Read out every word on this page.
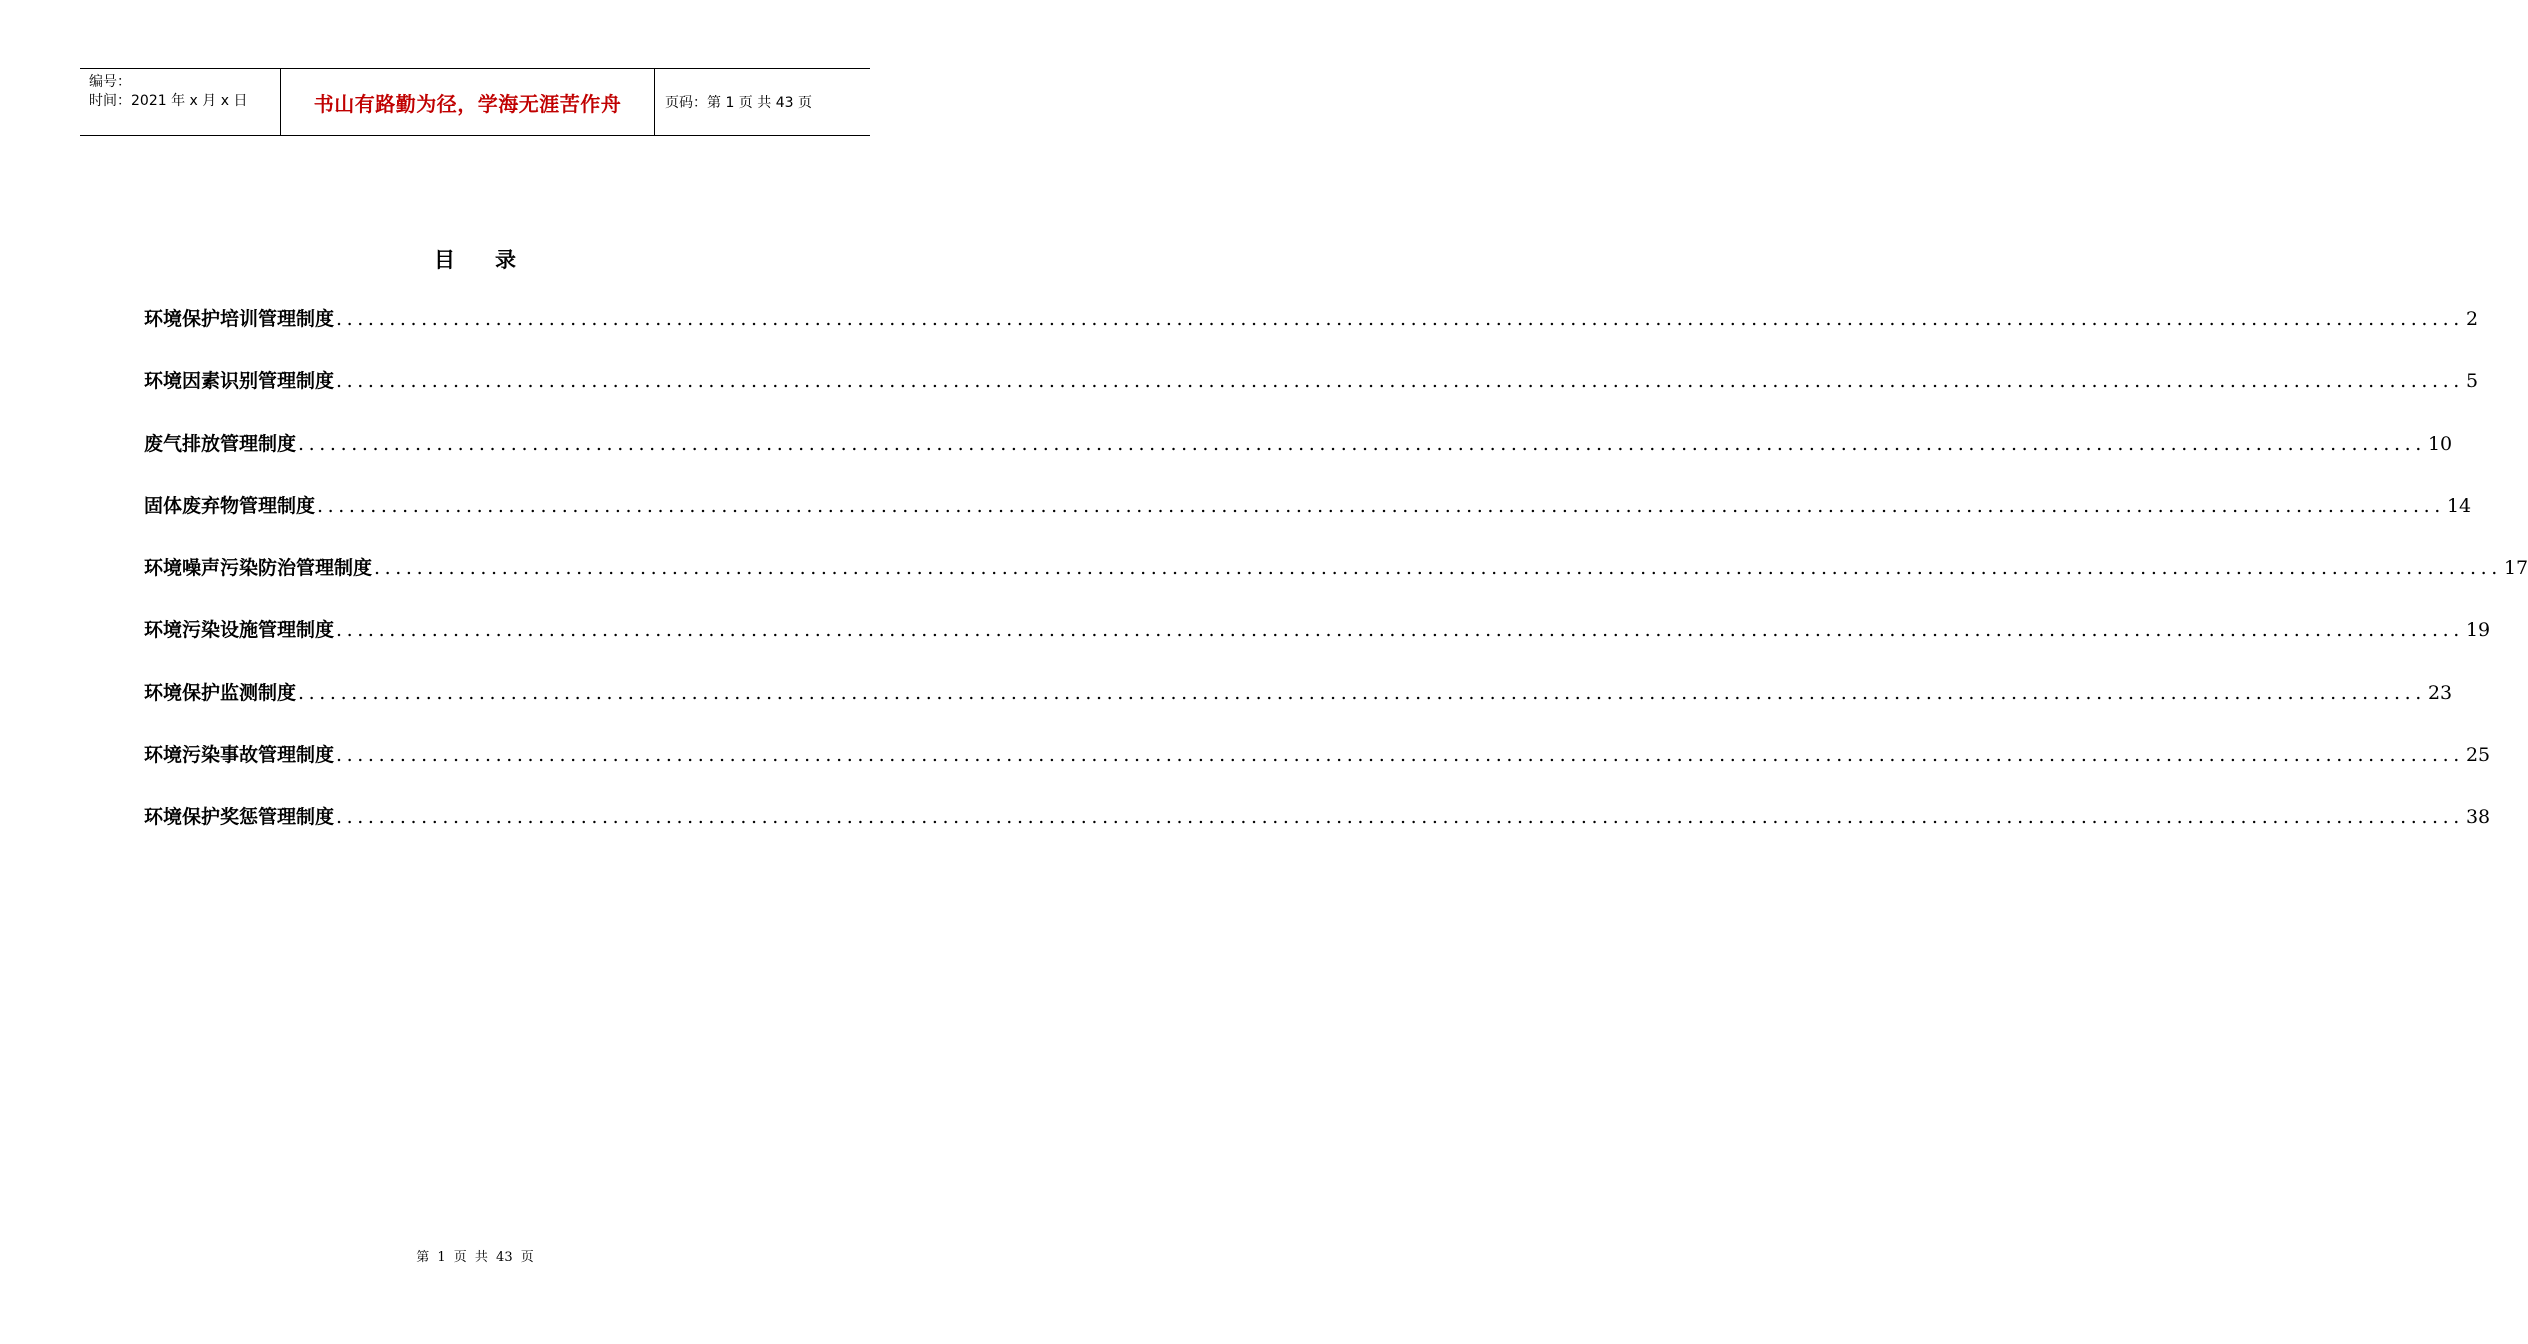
编号：
时间：2021 年 x 月 x 日	书山有路勤为径，学海无涯苦作舟	页码：第 1 页 共 43 页
目录
环境保护培训管理制度 ........................................................................................................................................................................................................ 2
环境因素识别管理制度 ........................................................................................................................................................................................................ 5
废气排放管理制度 ........................................................................................................................................................................................................ 10
固体废弃物管理制度 ........................................................................................................................................................................................................ 14
环境噪声污染防治管理制度 ........................................................................................................................................................................................................ 17
环境污染设施管理制度 ........................................................................................................................................................................................................ 19
环境保护监测制度 ........................................................................................................................................................................................................ 23
环境污染事故管理制度 ........................................................................................................................................................................................................ 25
环境保护奖惩管理制度 ........................................................................................................................................................................................................ 38
第 1 页 共 43 页
